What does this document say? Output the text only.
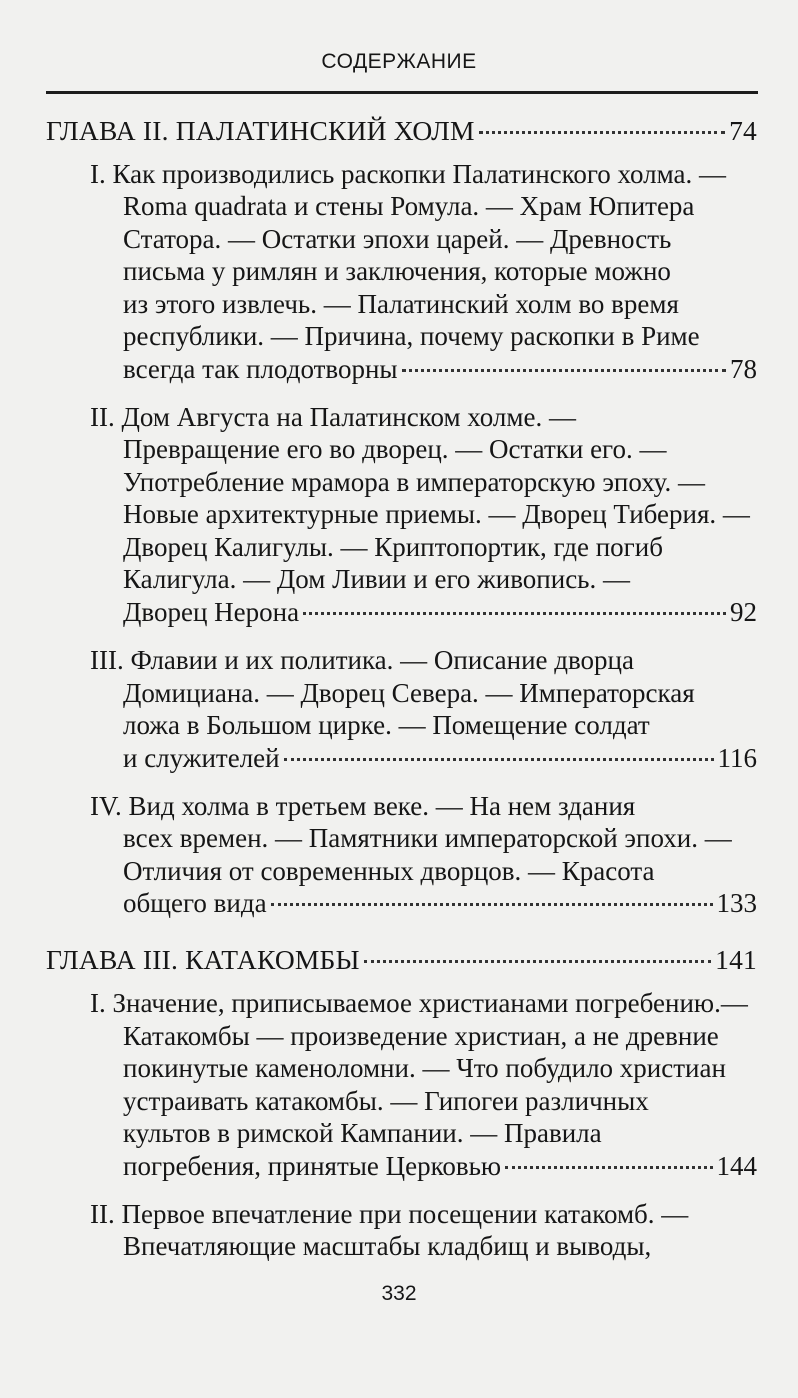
СОДЕРЖАНИЕ
ГЛАВА II. ПАЛАТИНСКИЙ ХОЛМ	74
I. Как производились раскопки Палатинского холма. —
Roma quadrata и стены Ромула. — Храм Юпитера
Статора. — Остатки эпохи царей. — Древность
письма у римлян и заключения, которые можно
из этого извлечь. — Палатинский холм во время
республики. — Причина, почему раскопки в Риме
всегда так плодотворны	78
II. Дом Августа на Палатинском холме. —
Превращение его во дворец. — Остатки его. —
Употребление мрамора в императорскую эпоху. —
Новые архитектурные приемы. — Дворец Тиберия. —
Дворец Калигулы. — Криптопортик, где погиб
Калигула. — Дом Ливии и его живопись. —
Дворец Нерона	92
III. Флавии и их политика. — Описание дворца
Домициана. — Дворец Севера. — Императорская
ложа в Большом цирке. — Помещение солдат
и служителей	116
IV. Вид холма в третьем веке. — На нем здания
всех времен. — Памятники императорской эпохи. —
Отличия от современных дворцов. — Красота
общего вида	133
ГЛАВА III. КАТАКОМБЫ	141
I. Значение, приписываемое христианами погребению.—
Катакомбы — произведение христиан, а не древние
покинутые каменоломни. — Что побудило христиан
устраивать катакомбы. — Гипогеи различных
культов в римской Кампании. — Правила
погребения, принятые Церковью	144
II. Первое впечатление при посещении катакомб. —
Впечатляющие масштабы кладбищ и выводы,
332
